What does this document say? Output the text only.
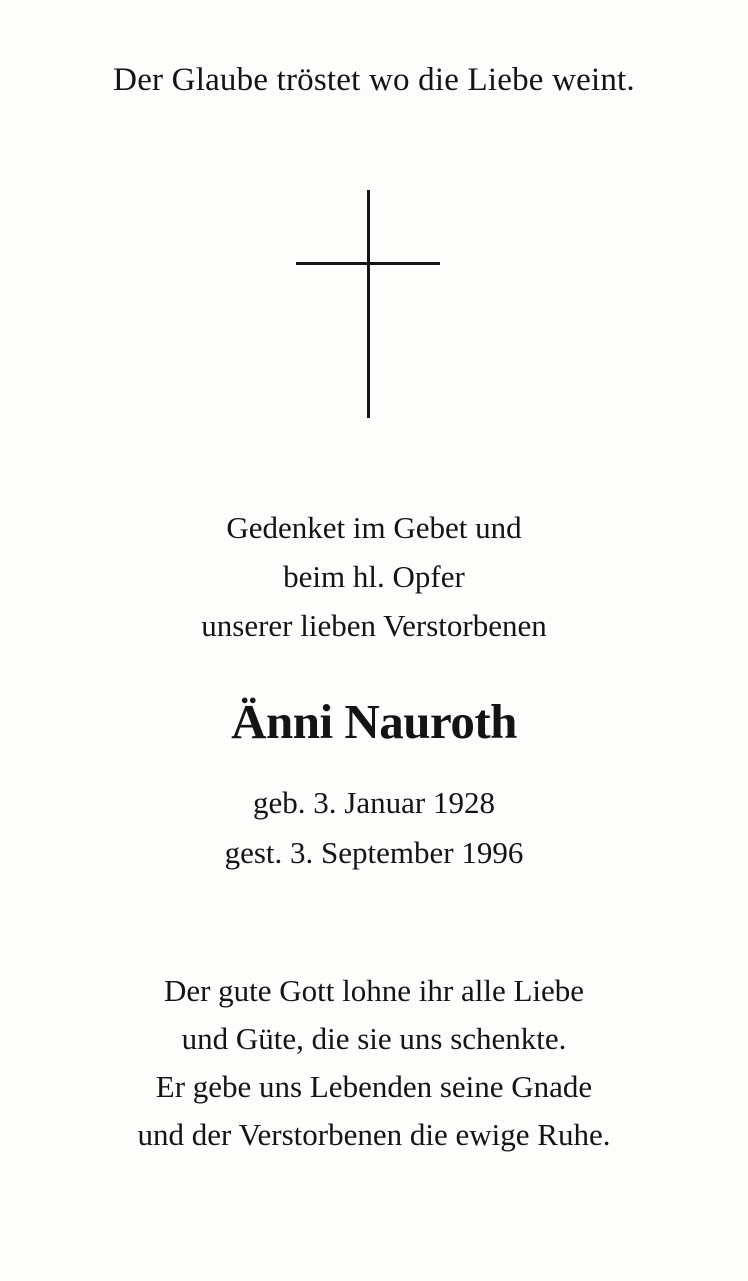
Der Glaube tröstet wo die Liebe weint.
Gedenket im Gebet und
beim hl. Opfer
unserer lieben Verstorbenen
Änni Nauroth
geb. 3. Januar 1928
gest. 3. September 1996
Der gute Gott lohne ihr alle Liebe
und Güte, die sie uns schenkte.
Er gebe uns Lebenden seine Gnade
und der Verstorbenen die ewige Ruhe.
